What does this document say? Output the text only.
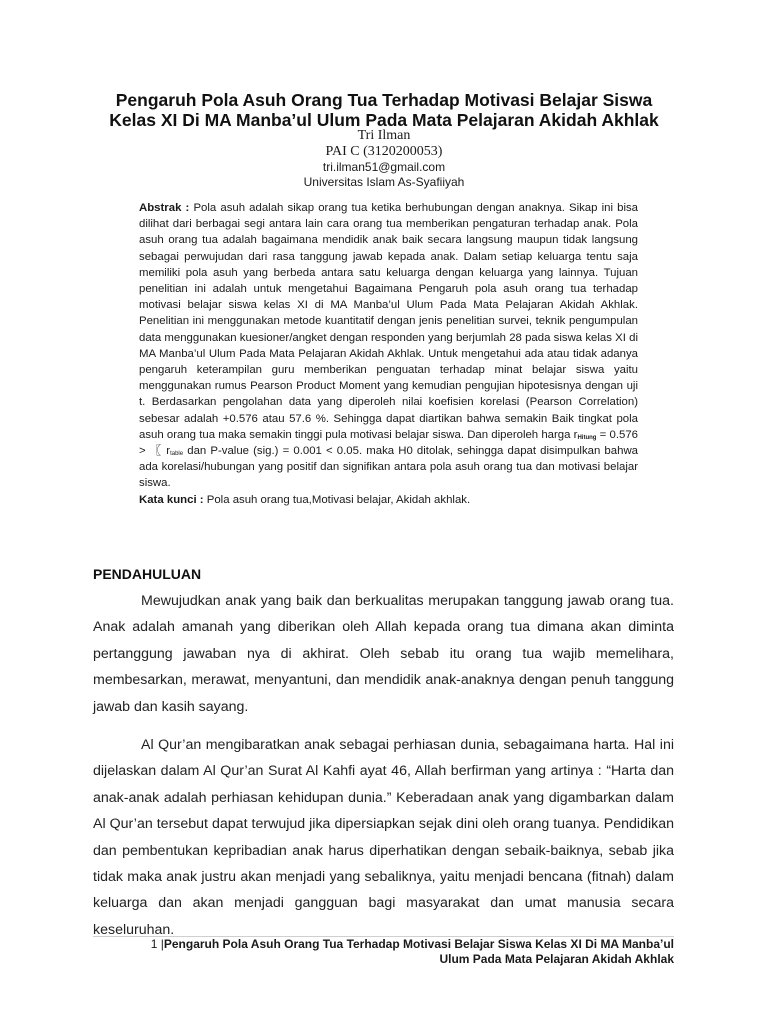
Pengaruh Pola Asuh Orang Tua Terhadap Motivasi Belajar Siswa
Kelas XI Di MA Manba’ul Ulum Pada Mata Pelajaran Akidah Akhlak
Tri Ilman
PAI C (3120200053)
tri.ilman51@gmail.com
Universitas Islam As-Syafiiyah

Abstrak : Pola asuh adalah sikap orang tua ketika berhubungan dengan anaknya. Sikap ini bisa dilihat dari berbagai segi antara lain cara orang tua memberikan pengaturan terhadap anak. Pola asuh orang tua adalah bagaimana mendidik anak baik secara langsung maupun tidak langsung sebagai perwujudan dari rasa tanggung jawab kepada anak. Dalam setiap keluarga tentu saja memiliki pola asuh yang berbeda antara satu keluarga dengan keluarga yang lainnya. Tujuan penelitian ini adalah untuk mengetahui Bagaimana Pengaruh pola asuh orang tua terhadap motivasi belajar siswa kelas XI di MA Manba’ul Ulum Pada Mata Pelajaran Akidah Akhlak. Penelitian ini menggunakan metode kuantitatif dengan jenis penelitian survei, teknik pengumpulan data menggunakan kuesioner/angket dengan responden yang berjumlah 28 pada siswa kelas XI di MA Manba’ul Ulum Pada Mata Pelajaran Akidah Akhlak. Untuk mengetahui ada atau tidak adanya pengaruh keterampilan guru memberikan penguatan terhadap minat belajar siswa yaitu menggunakan rumus Pearson Product Moment yang kemudian pengujian hipotesisnya dengan uji t. Berdasarkan pengolahan data yang diperoleh nilai koefisien korelasi (Pearson Correlation) sebesar adalah +0.576 atau 57.6 %. Sehingga dapat diartikan bahwa semakin Baik tingkat pola asuh orang tua maka semakin tinggi pula motivasi belajar siswa. Dan diperoleh harga rHitung = 0.576 > 〖 rtable dan P-value (sig.) = 0.001 < 0.05. maka H0 ditolak, sehingga dapat disimpulkan bahwa ada korelasi/hubungan yang positif dan signifikan antara pola asuh orang tua dan motivasi belajar siswa.

Kata kunci : Pola asuh orang tua,Motivasi belajar, Akidah akhlak.

PENDAHULUAN

Mewujudkan anak yang baik dan berkualitas merupakan tanggung jawab orang tua. Anak adalah amanah yang diberikan oleh Allah kepada orang tua dimana akan diminta pertanggung jawaban nya di akhirat. Oleh sebab itu orang tua wajib memelihara, membesarkan, merawat, menyantuni, dan mendidik anak-anaknya dengan penuh tanggung jawab dan kasih sayang.

Al Qur’an mengibaratkan anak sebagai perhiasan dunia, sebagaimana harta. Hal ini dijelaskan dalam Al Qur’an Surat Al Kahfi ayat 46, Allah berfirman yang artinya : “Harta dan anak-anak adalah perhiasan kehidupan dunia.” Keberadaan anak yang digambarkan dalam Al Qur’an tersebut dapat terwujud jika dipersiapkan sejak dini oleh orang tuanya. Pendidikan dan pembentukan kepribadian anak harus diperhatikan dengan sebaik-baiknya, sebab jika tidak maka anak justru akan menjadi yang sebaliknya, yaitu menjadi bencana (fitnah) dalam keluarga dan akan menjadi gangguan bagi masyarakat dan umat manusia secara keseluruhan.

1 |Pengaruh Pola Asuh Orang Tua Terhadap Motivasi Belajar Siswa Kelas XI Di MA Manba’ul
Ulum Pada Mata Pelajaran Akidah Akhlak
